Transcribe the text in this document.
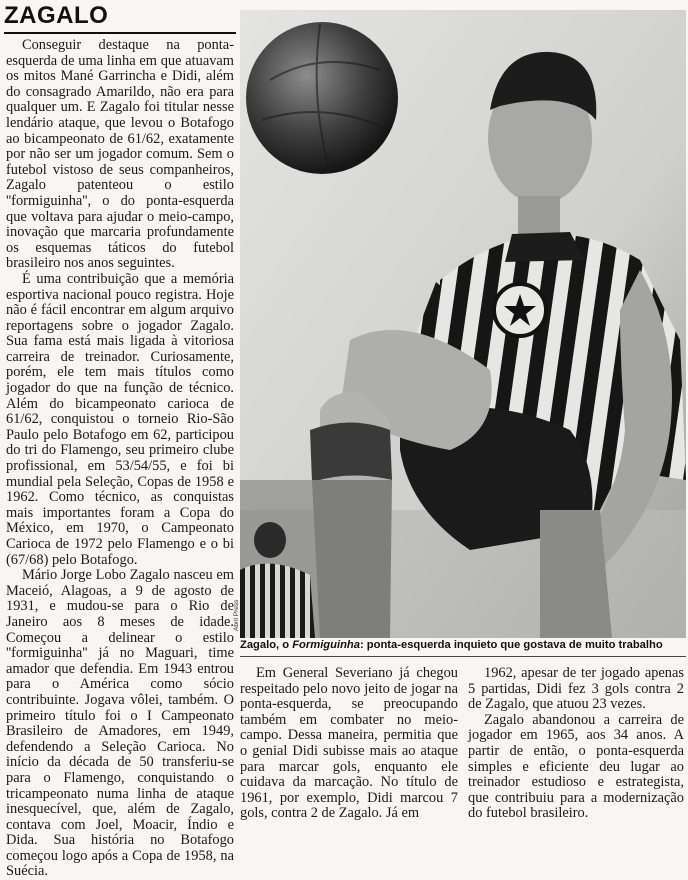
ZAGALO

Conseguir destaque na ponta-esquerda de uma linha em que atuavam os mitos Mané Garrincha e Didi, além do consagrado Amarildo, não era para qualquer um. E Zagalo foi titular nesse lendário ataque, que levou o Botafogo ao bicampeonato de 61/62, exatamente por não ser um jogador comum. Sem o futebol vistoso de seus companheiros, Zagalo patenteou o estilo ''formiguinha'', o do ponta-esquerda que voltava para ajudar o meio-campo, inovação que marcaria profundamente os esquemas táticos do futebol brasileiro nos anos seguintes.

É uma contribuição que a memória esportiva nacional pouco registra. Hoje não é fácil encontrar em algum arquivo reportagens sobre o jogador Zagalo. Sua fama está mais ligada à vitoriosa carreira de treinador. Curiosamente, porém, ele tem mais títulos como jogador do que na função de técnico. Além do bicampeonato carioca de 61/62, conquistou o torneio Rio-São Paulo pelo Botafogo em 62, participou do tri do Flamengo, seu primeiro clube profissional, em 53/54/55, e foi bi mundial pela Seleção, Copas de 1958 e 1962. Como técnico, as conquistas mais importantes foram a Copa do México, em 1970, o Campeonato Carioca de 1972 pelo Flamengo e o bi (67/68) pelo Botafogo.

Mário Jorge Lobo Zagalo nasceu em Maceió, Alagoas, a 9 de agosto de 1931, e mudou-se para o Rio de Janeiro aos 8 meses de idade. Começou a delinear o estilo ''formiguinha'' já no Maguari, time amador que defendia. Em 1943 entrou para o América como sócio contribuinte. Jogava vôlei, também. O primeiro título foi o I Campeonato Brasileiro de Amadores, em 1949, defendendo a Seleção Carioca. No início da década de 50 transferiu-se para o Flamengo, conquistando o tricampeonato numa linha de ataque inesquecível, que, além de Zagalo, contava com Joel, Moacir, Índio e Dida. Sua história no Botafogo começou logo após a Copa de 1958, na Suécia.

Abril Press
Zagalo, o Formiguinha: ponta-esquerda inquieto que gostava de muito trabalho

Em General Severiano já chegou respeitado pelo novo jeito de jogar na ponta-esquerda, se preocupando também em combater no meio-campo. Dessa maneira, permitia que o genial Didi subisse mais ao ataque para marcar gols, enquanto ele cuidava da marcação. No título de 1961, por exemplo, Didi marcou 7 gols, contra 2 de Zagalo. Já em

1962, apesar de ter jogado apenas 5 partidas, Didi fez 3 gols contra 2 de Zagalo, que atuou 23 vezes.

Zagalo abandonou a carreira de jogador em 1965, aos 34 anos. A partir de então, o ponta-esquerda simples e eficiente deu lugar ao treinador estudioso e estrategista, que contribuiu para a modernização do futebol brasileiro.
